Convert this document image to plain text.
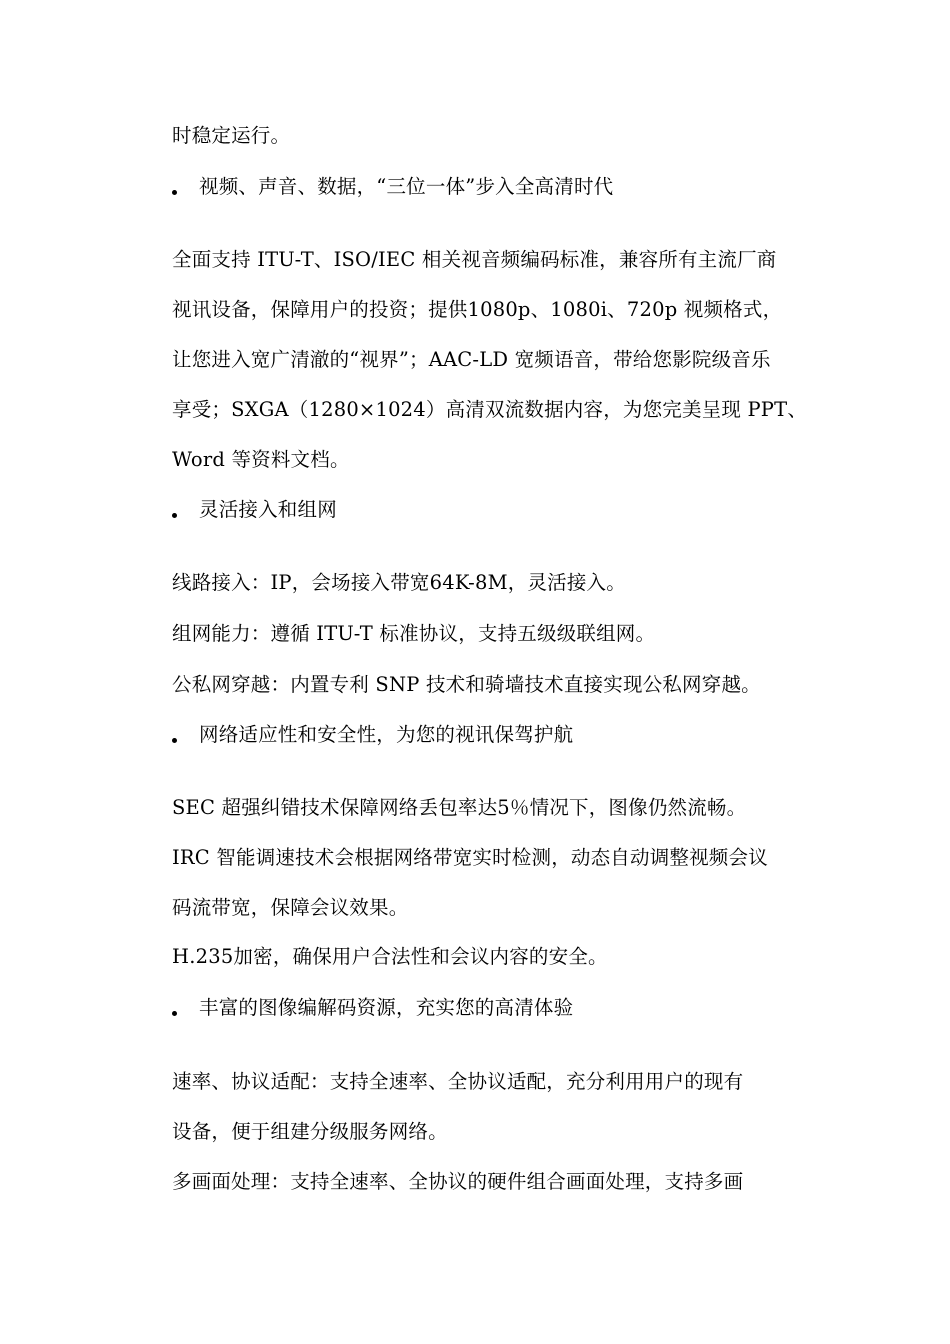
时稳定运行。
视频、声音、数据，“三位一体”步入全高清时代
全面支持 ITU-T、ISO/IEC 相关视音频编码标准，兼容所有主流厂商
视讯设备，保障用户的投资；提供1080p、1080i、720p 视频格式，
让您进入宽广清澈的“视界”；AAC-LD 宽频语音，带给您影院级音乐
享受；SXGA（1280×1024）高清双流数据内容，为您完美呈现 PPT、
Word 等资料文档。
灵活接入和组网
线路接入：IP，会场接入带宽64K-8M，灵活接入。
组网能力：遵循 ITU-T 标准协议，支持五级级联组网。
公私网穿越：内置专利 SNP 技术和骑墙技术直接实现公私网穿越。
网络适应性和安全性，为您的视讯保驾护航
SEC 超强纠错技术保障网络丢包率达5％情况下，图像仍然流畅。
IRC 智能调速技术会根据网络带宽实时检测，动态自动调整视频会议
码流带宽，保障会议效果。
H.235加密，确保用户合法性和会议内容的安全。
丰富的图像编解码资源，充实您的高清体验
速率、协议适配：支持全速率、全协议适配，充分利用用户的现有
设备，便于组建分级服务网络。
多画面处理：支持全速率、全协议的硬件组合画面处理，支持多画
